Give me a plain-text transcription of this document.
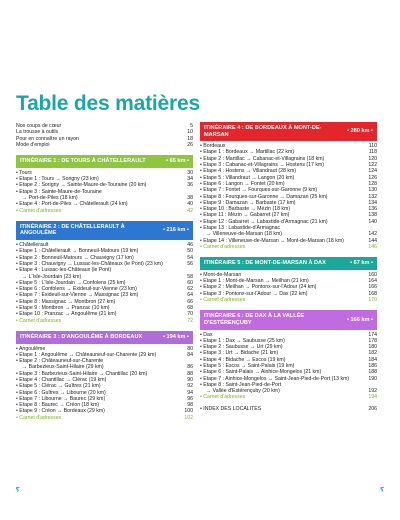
Table des matières
Nos coups de cœur	5
La trousse à outils	10
Pour en connaître un rayon	18
Mode d'emploi	26
ITINÉRAIRE 1 : DE TOURS À CHÂTELLERAULT	• 65 km •
• Tours	30
• Étape 1 : Tours → Sorigny (23 km)	34
• Étape 2 : Sorigny → Sainte-Maure-de-Touraine (20 km)	36
• Étape 3 : Sainte-Maure-de-Touraine
→ Port-de-Piles (18 km)	38
• Étape 4 : Port-de-Piles → Châtellerault (24 km)	40
• Carnet d'adresses	42
ITINÉRAIRE 2 : DE CHÂTELLERAULT À ANGOULÊME
• 216 km •
• Châtellerault	46
• Étape 1 : Châtellerault → Bonneuil-Matours (19 km)	50
• Étape 2 : Bonneuil-Matours → Chauvigny (17 km)	54
• Étape 3 : Chauvigny → Lussac-les-Châteaux (le Pont) (23 km)	56
• Étape 4 : Lussac-les-Châteaux (le Pont)
→ L'Isle-Jourdain (23 km)	58
• Étape 5 : L'Isle-Jourdain → Confolens (25 km)	60
• Étape 6 : Confolens → Exideuil-sur-Vienne (23 km)	62
• Étape 7 : Exideuil-sur-Vienne → Massignac (23 km)	64
• Étape 8 : Massignac → Montbron (27 km)	66
• Étape 9 : Montbron → Pranzac (10 km)	68
• Étape 10 : Pranzac → Angoulême (21 km)	70
• Carnet d'adresses	72
ITINÉRAIRE 3 : D'ANGOULÊME À BORDEAUX	• 194 km •
• Angoulême	80
• Étape 1 : Angoulême → Châteauneuf-sur-Charente (29 km)	84
• Étape 2 : Châteauneuf-sur-Charente
→ Barbezieux-Saint-Hilaire (29 km)	86
• Étape 3 : Barbezieux-Saint-Hilaire → Chantillac (20 km)	88
• Étape 4 : Chantillac → Clérac (19 km)	90
• Étape 5 : Clérac → Guîtres (21 km)	92
• Étape 6 : Guîtres → Libourne (20 km)	94
• Étape 7 : Libourne → Baurec (29 km)	96
• Étape 8 : Baurec → Créon (18 km)	98
• Étape 9 : Créon → Bordeaux (29 km)	100
• Carnet d'adresses	102
ITINÉRAIRE 4 : DE BORDEAUX À MONT-DE-MARSAN
• 280 km •
• Bordeaux	110
• Étape 1 : Bordeaux → Martillac (22 km)	118
• Étape 2 : Martillac → Cabanac-et-Villagrains (18 km)	120
• Étape 3 : Cabanac-et-Villagrains → Hostens (17 km)	122
• Étape 4 : Hostens → Villandraut (28 km)	124
• Étape 5 : Villandraut → Langon (20 km)	126
• Étape 6 : Langon → Fontet (20 km)	128
• Étape 7 : Fontet → Fourques-sur-Garonne (9 km)	130
• Étape 8 : Fourques-sur-Garonne → Damazan (25 km)	132
• Étape 9 : Damazan → Barbaste (17 km)	134
• Étape 10 : Barbaste → Mézin (18 km)	136
• Étape 11 : Mézin → Gabarret (27 km)	138
• Étape 12 : Gabarret → Labastide-d'Armagnac (21 km)	140
• Étape 13 : Labastide-d'Armagnac
→ Villeneuve-de-Marsan (18 km)	142
• Étape 14 : Villeneuve-de-Marsan → Mont-de-Marsan (18 km)	144
• Carnet d'adresses	146
ITINÉRAIRE 5 : DE MONT-DE-MARSAN À DAX	• 67 km •
• Mont-de-Marsan	160
• Étape 1 : Mont-de-Marsan → Meilhan (21 km)	164
• Étape 2 : Meilhan → Pontonx-sur-l'Adour (24 km)	166
• Étape 3 : Pontonx-sur-l'Adour → Dax (22 km)	168
• Carnet d'adresses	170
ITINÉRAIRE 6 : DE DAX À LA VALLÉE D'ESTÉRENÇUBY
• 166 km •
• Dax	174
• Étape 1 : Dax → Saubusse (25 km)	178
• Étape 2 : Saubusse → Urt (29 km)	180
• Étape 3 : Urt → Bidache (21 km)	182
• Étape 4 : Bidache → Escos (19 km)	184
• Étape 5 : Escos → Saint-Palais (19 km)	186
• Étape 6 : Saint-Palais → Ainhice-Mongelos (21 km)	188
• Étape 7 : Ainhice-Mongelos → Saint-Jean-Pied-de-Port (13 km)	190
• Étape 8 : Saint-Jean-Pied-de-Port
→ Vallée d'Estérençuby (20 km)	192
• Carnet d'adresses	194
• INDEX DES LOCALITÉS	206
ⲋ	ⲋ
